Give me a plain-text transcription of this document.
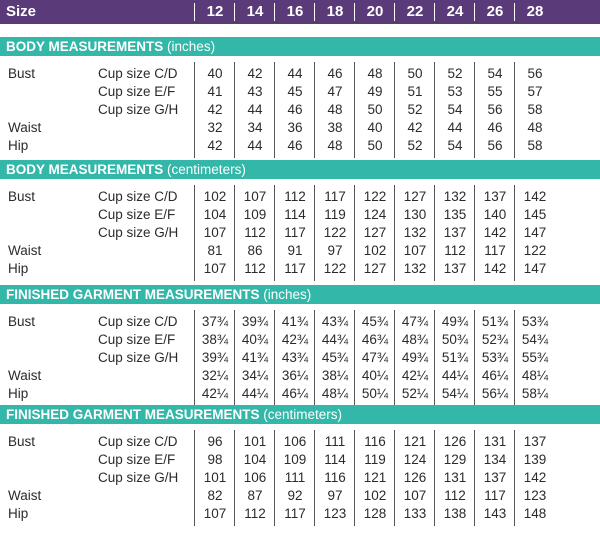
Size	12	14	16	18	20	22	24	26	28
BODY MEASUREMENTS (inches)
Bust	Cup size C/D	40	42	44	46	48	50	52	54	56
Cup size E/F	41	43	45	47	49	51	53	55	57
Cup size G/H	42	44	46	48	50	52	54	56	58
Waist	32	34	36	38	40	42	44	46	48
Hip	42	44	46	48	50	52	54	56	58
BODY MEASUREMENTS (centimeters)
Bust	Cup size C/D	102	107	112	117	122	127	132	137	142
Cup size E/F	104	109	114	119	124	130	135	140	145
Cup size G/H	107	112	117	122	127	132	137	142	147
Waist	81	86	91	97	102	107	112	117	122
Hip	107	112	117	122	127	132	137	142	147
FINISHED GARMENT MEASUREMENTS (inches)
Bust	Cup size C/D	37¾	39¾	41¾	43¾	45¾	47¾	49¾	51¾	53¾
Cup size E/F	38¾	40¾	42¾	44¾	46¾	48¾	50¾	52¾	54¾
Cup size G/H	39¾	41¾	43¾	45¾	47¾	49¾	51¾	53¾	55¾
Waist	32¼	34¼	36¼	38¼	40¼	42¼	44¼	46¼	48¼
Hip	42¼	44¼	46¼	48¼	50¼	52¼	54¼	56¼	58¼
FINISHED GARMENT MEASUREMENTS (centimeters)
Bust	Cup size C/D	96	101	106	111	116	121	126	131	137
Cup size E/F	98	104	109	114	119	124	129	134	139
Cup size G/H	101	106	111	116	121	126	131	137	142
Waist	82	87	92	97	102	107	112	117	123
Hip	107	112	117	123	128	133	138	143	148
